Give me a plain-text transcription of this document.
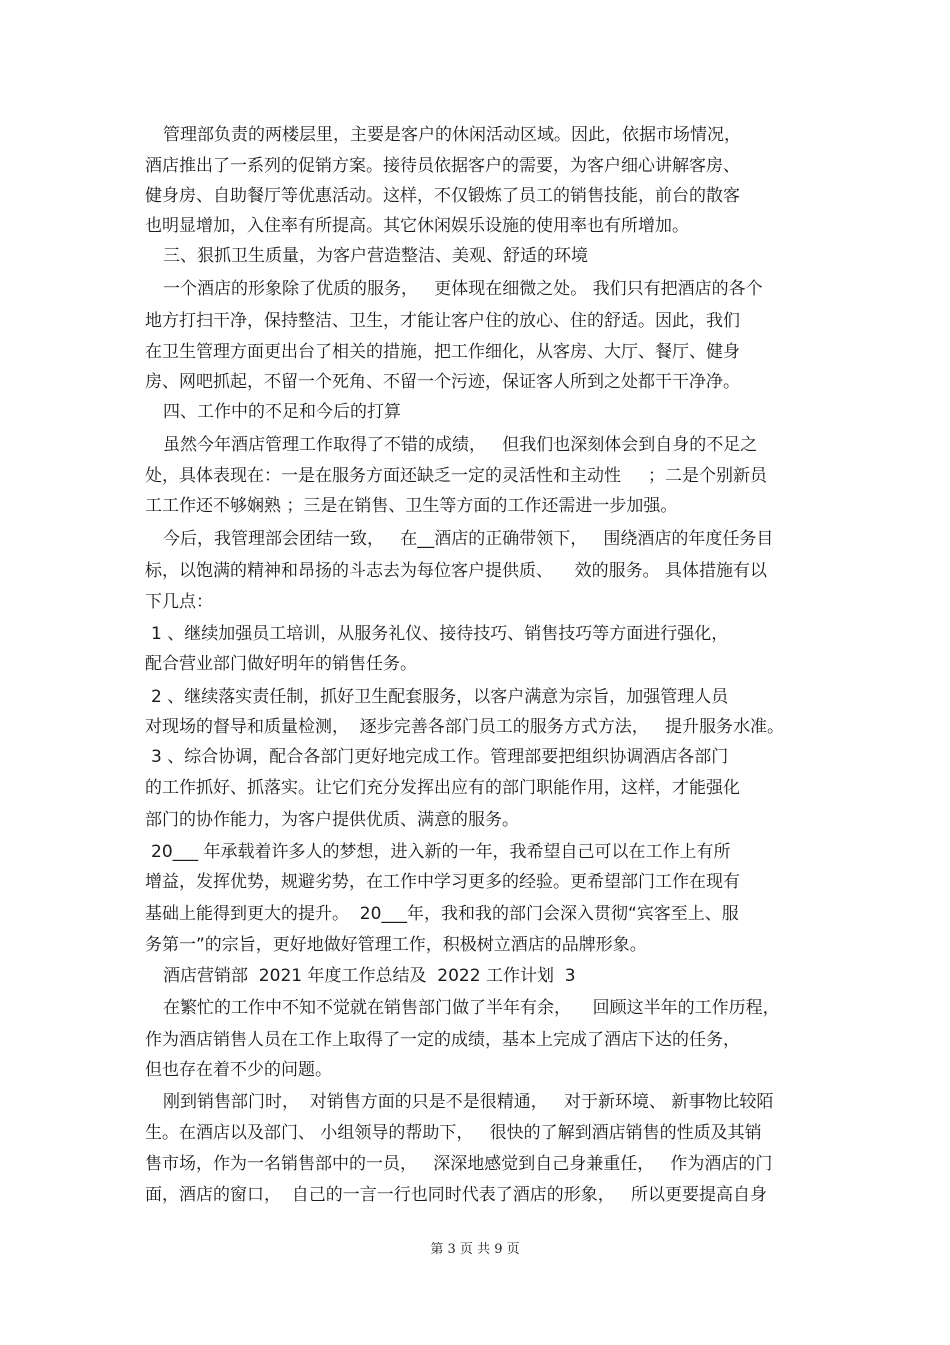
管理部负责的两楼层里，主要是客户的休闲活动区域。因此，依据市场情况，
酒店推出了一系列的促销方案。接待员依据客户的需要，为客户细心讲解客房、
健身房、自助餐厅等优惠活动。这样，不仅锻炼了员工的销售技能，前台的散客
也明显增加，入住率有所提高。其它休闲娱乐设施的使用率也有所增加。
三、狠抓卫生质量，为客户营造整洁、美观、舒适的环境
一个酒店的形象除了优质的服务，   更体现在细微之处。 我们只有把酒店的各个
地方打扫干净，保持整洁、卫生，才能让客户住的放心、住的舒适。因此，我们
在卫生管理方面更出台了相关的措施，把工作细化，从客房、大厅、餐厅、健身
房、网吧抓起，不留一个死角、不留一个污迹，保证客人所到之处都干干净净。
四、工作中的不足和今后的打算
虽然今年酒店管理工作取得了不错的成绩，   但我们也深刻体会到自身的不足之
处，具体表现在：一是在服务方面还缺乏一定的灵活性和主动性     ；二是个别新员
工工作还不够娴熟 ；三是在销售、卫生等方面的工作还需进一步加强。
今后，我管理部会团结一致，   在__酒店的正确带领下，   围绕酒店的年度任务目
标，以饱满的精神和昂扬的斗志去为每位客户提供质、    效的服务。 具体措施有以
下几点：
1 、继续加强员工培训，从服务礼仪、接待技巧、销售技巧等方面进行强化，
配合营业部门做好明年的销售任务。
2 、继续落实责任制，抓好卫生配套服务，以客户满意为宗旨，加强管理人员
对现场的督导和质量检测，  逐步完善各部门员工的服务方式方法，   提升服务水准。
3 、综合协调，配合各部门更好地完成工作。管理部要把组织协调酒店各部门
的工作抓好、抓落实。让它们充分发挥出应有的部门职能作用，这样，才能强化
部门的协作能力，为客户提供优质、满意的服务。
20___ 年承载着许多人的梦想，进入新的一年，我希望自己可以在工作上有所
增益，发挥优势，规避劣势，在工作中学习更多的经验。更希望部门工作在现有
基础上能得到更大的提升。  20___年，我和我的部门会深入贯彻“宾客至上、服
务第一”的宗旨，更好地做好管理工作，积极树立酒店的品牌形象。
酒店营销部  2021 年度工作总结及  2022 工作计划  3
在繁忙的工作中不知不觉就在销售部门做了半年有余，    回顾这半年的工作历程，
作为酒店销售人员在工作上取得了一定的成绩，基本上完成了酒店下达的任务，
但也存在着不少的问题。
刚到销售部门时，  对销售方面的只是不是很精通，   对于新环境、 新事物比较陌
生。在酒店以及部门、 小组领导的帮助下，   很快的了解到酒店销售的性质及其销
售市场，作为一名销售部中的一员，   深深地感觉到自己身兼重任，   作为酒店的门
面，酒店的窗口，  自己的一言一行也同时代表了酒店的形象，   所以更要提高自身
第 3 页 共 9 页
